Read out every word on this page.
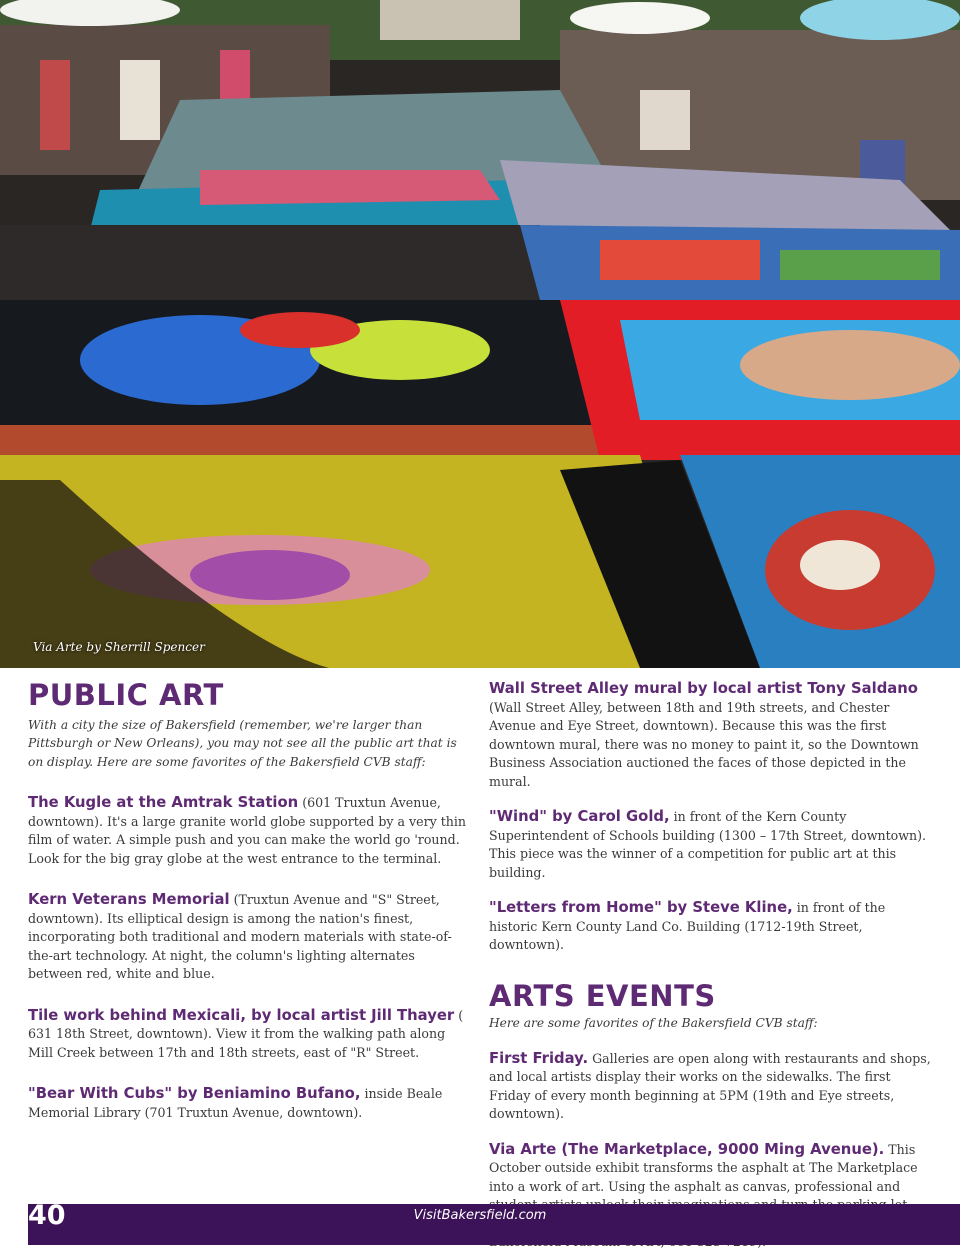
Via Arte by Sherrill Spencer
PUBLIC ART

With a city the size of Bakersfield (remember, we're larger than Pittsburgh or New Orleans), you may not see all the public art that is on display. Here are some favorites of the Bakersfield CVB staff:

The Kugle at the Amtrak Station (601 Truxtun Avenue, downtown). It's a large granite world globe supported by a very thin film of water. A simple push and you can make the world go 'round. Look for the big gray globe at the west entrance to the terminal.

Kern Veterans Memorial (Truxtun Avenue and "S" Street, downtown). Its elliptical design is among the nation's finest, incorporating both traditional and modern materials with state-of-the-art technology. At night, the column's lighting alternates between red, white and blue.

Tile work behind Mexicali, by local artist Jill Thayer ( 631 18th Street, downtown). View it from the walking path along Mill Creek between 17th and 18th streets, east of "R" Street.

"Bear With Cubs" by Beniamino Bufano, inside Beale Memorial Library (701 Truxtun Avenue, downtown).

Wall Street Alley mural by local artist Tony Saldano (Wall Street Alley, between 18th and 19th streets, and Chester Avenue and Eye Street, downtown). Because this was the first downtown mural, there was no money to paint it, so the Downtown Business Association auctioned the faces of those depicted in the mural.

"Wind" by Carol Gold, in front of the Kern County Superintendent of Schools building (1300 – 17th Street, downtown). This piece was the winner of a competition for public art at this building.

"Letters from Home" by Steve Kline, in front of the historic Kern County Land Co. Building (1712-19th Street, downtown).

ARTS EVENTS

Here are some favorites of the Bakersfield CVB staff:

First Friday. Galleries are open along with restaurants and shops, and local artists display their works on the sidewalks. The first Friday of every month beginning at 5PM (19th and Eye streets, downtown).

Via Arte (The Marketplace, 9000 Ming Avenue). This October outside exhibit transforms the asphalt at The Marketplace into a work of art. Using the asphalt as canvas, professional and

40	VisitBakersfield.com
